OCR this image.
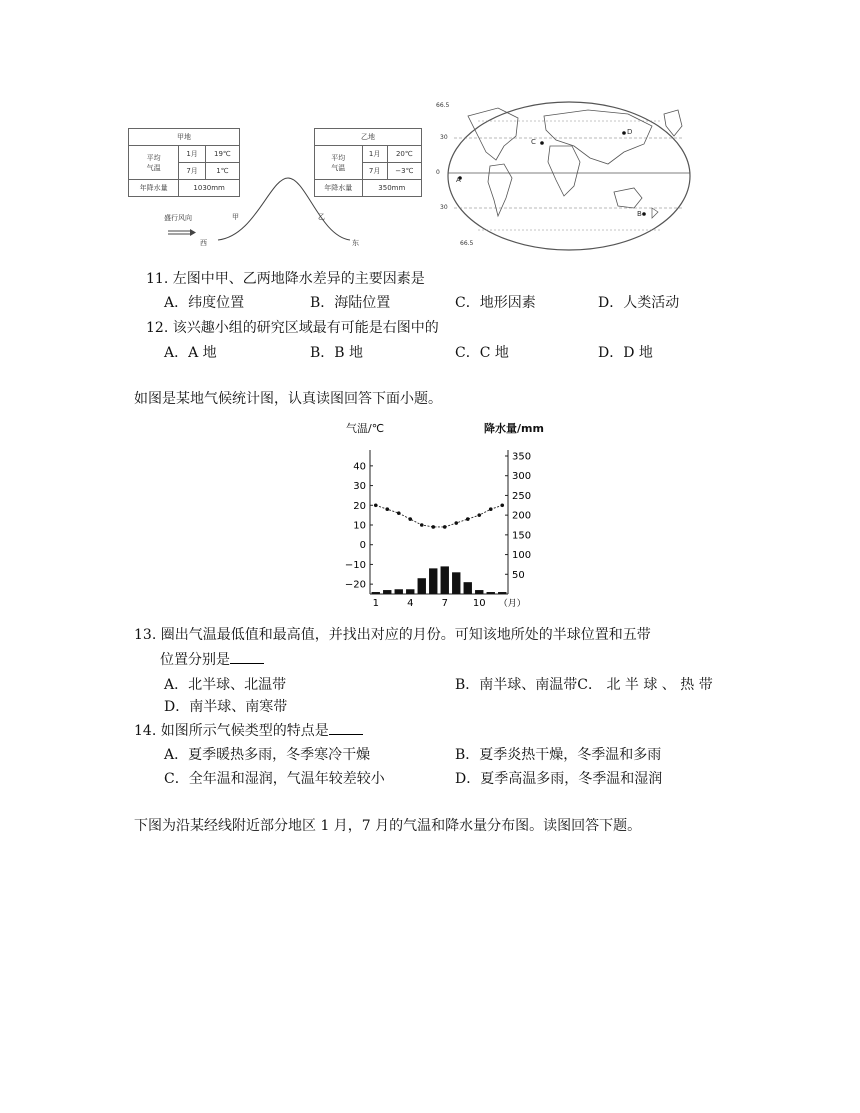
甲地		
平均
气温	1月	19℃
	7月	1℃
年降水量	1030mm	
乙地		
平均
气温	1月	20℃
	7月	−3℃
年降水量	350mm	
盛行风向	甲	乙
西	东
66.5
30
0
30
66.5
C
D
A
B
11. 左图中甲、乙两地降水差异的主要因素是
A．纬度位置	B．海陆位置	C．地形因素	D．人类活动
12. 该兴趣小组的研究区域最有可能是右图中的
A．A 地	B．B 地	C．C 地	D．D 地
如图是某地气候统计图，认真读图回答下面小题。
气温/℃	降水量/mm
40
30
20
10
0
−10
−20
350
300
250
200
150
100
50
1	4	7 10 （月）
13. 圈出气温最低值和最高值，并找出对应的月份。可知该地所处的半球位置和五带
位置分别是
A．北半球、北温带	B．南半球、南温带C． 北 半 球 、 热 带
D．南半球、南寒带
14. 如图所示气候类型的特点是
A．夏季暖热多雨，冬季寒冷干燥	B．夏季炎热干燥，冬季温和多雨
C．全年温和湿润，气温年较差较小	D．夏季高温多雨，冬季温和湿润
下图为沿某经线附近部分地区 1 月，7 月的气温和降水量分布图。读图回答下题。
